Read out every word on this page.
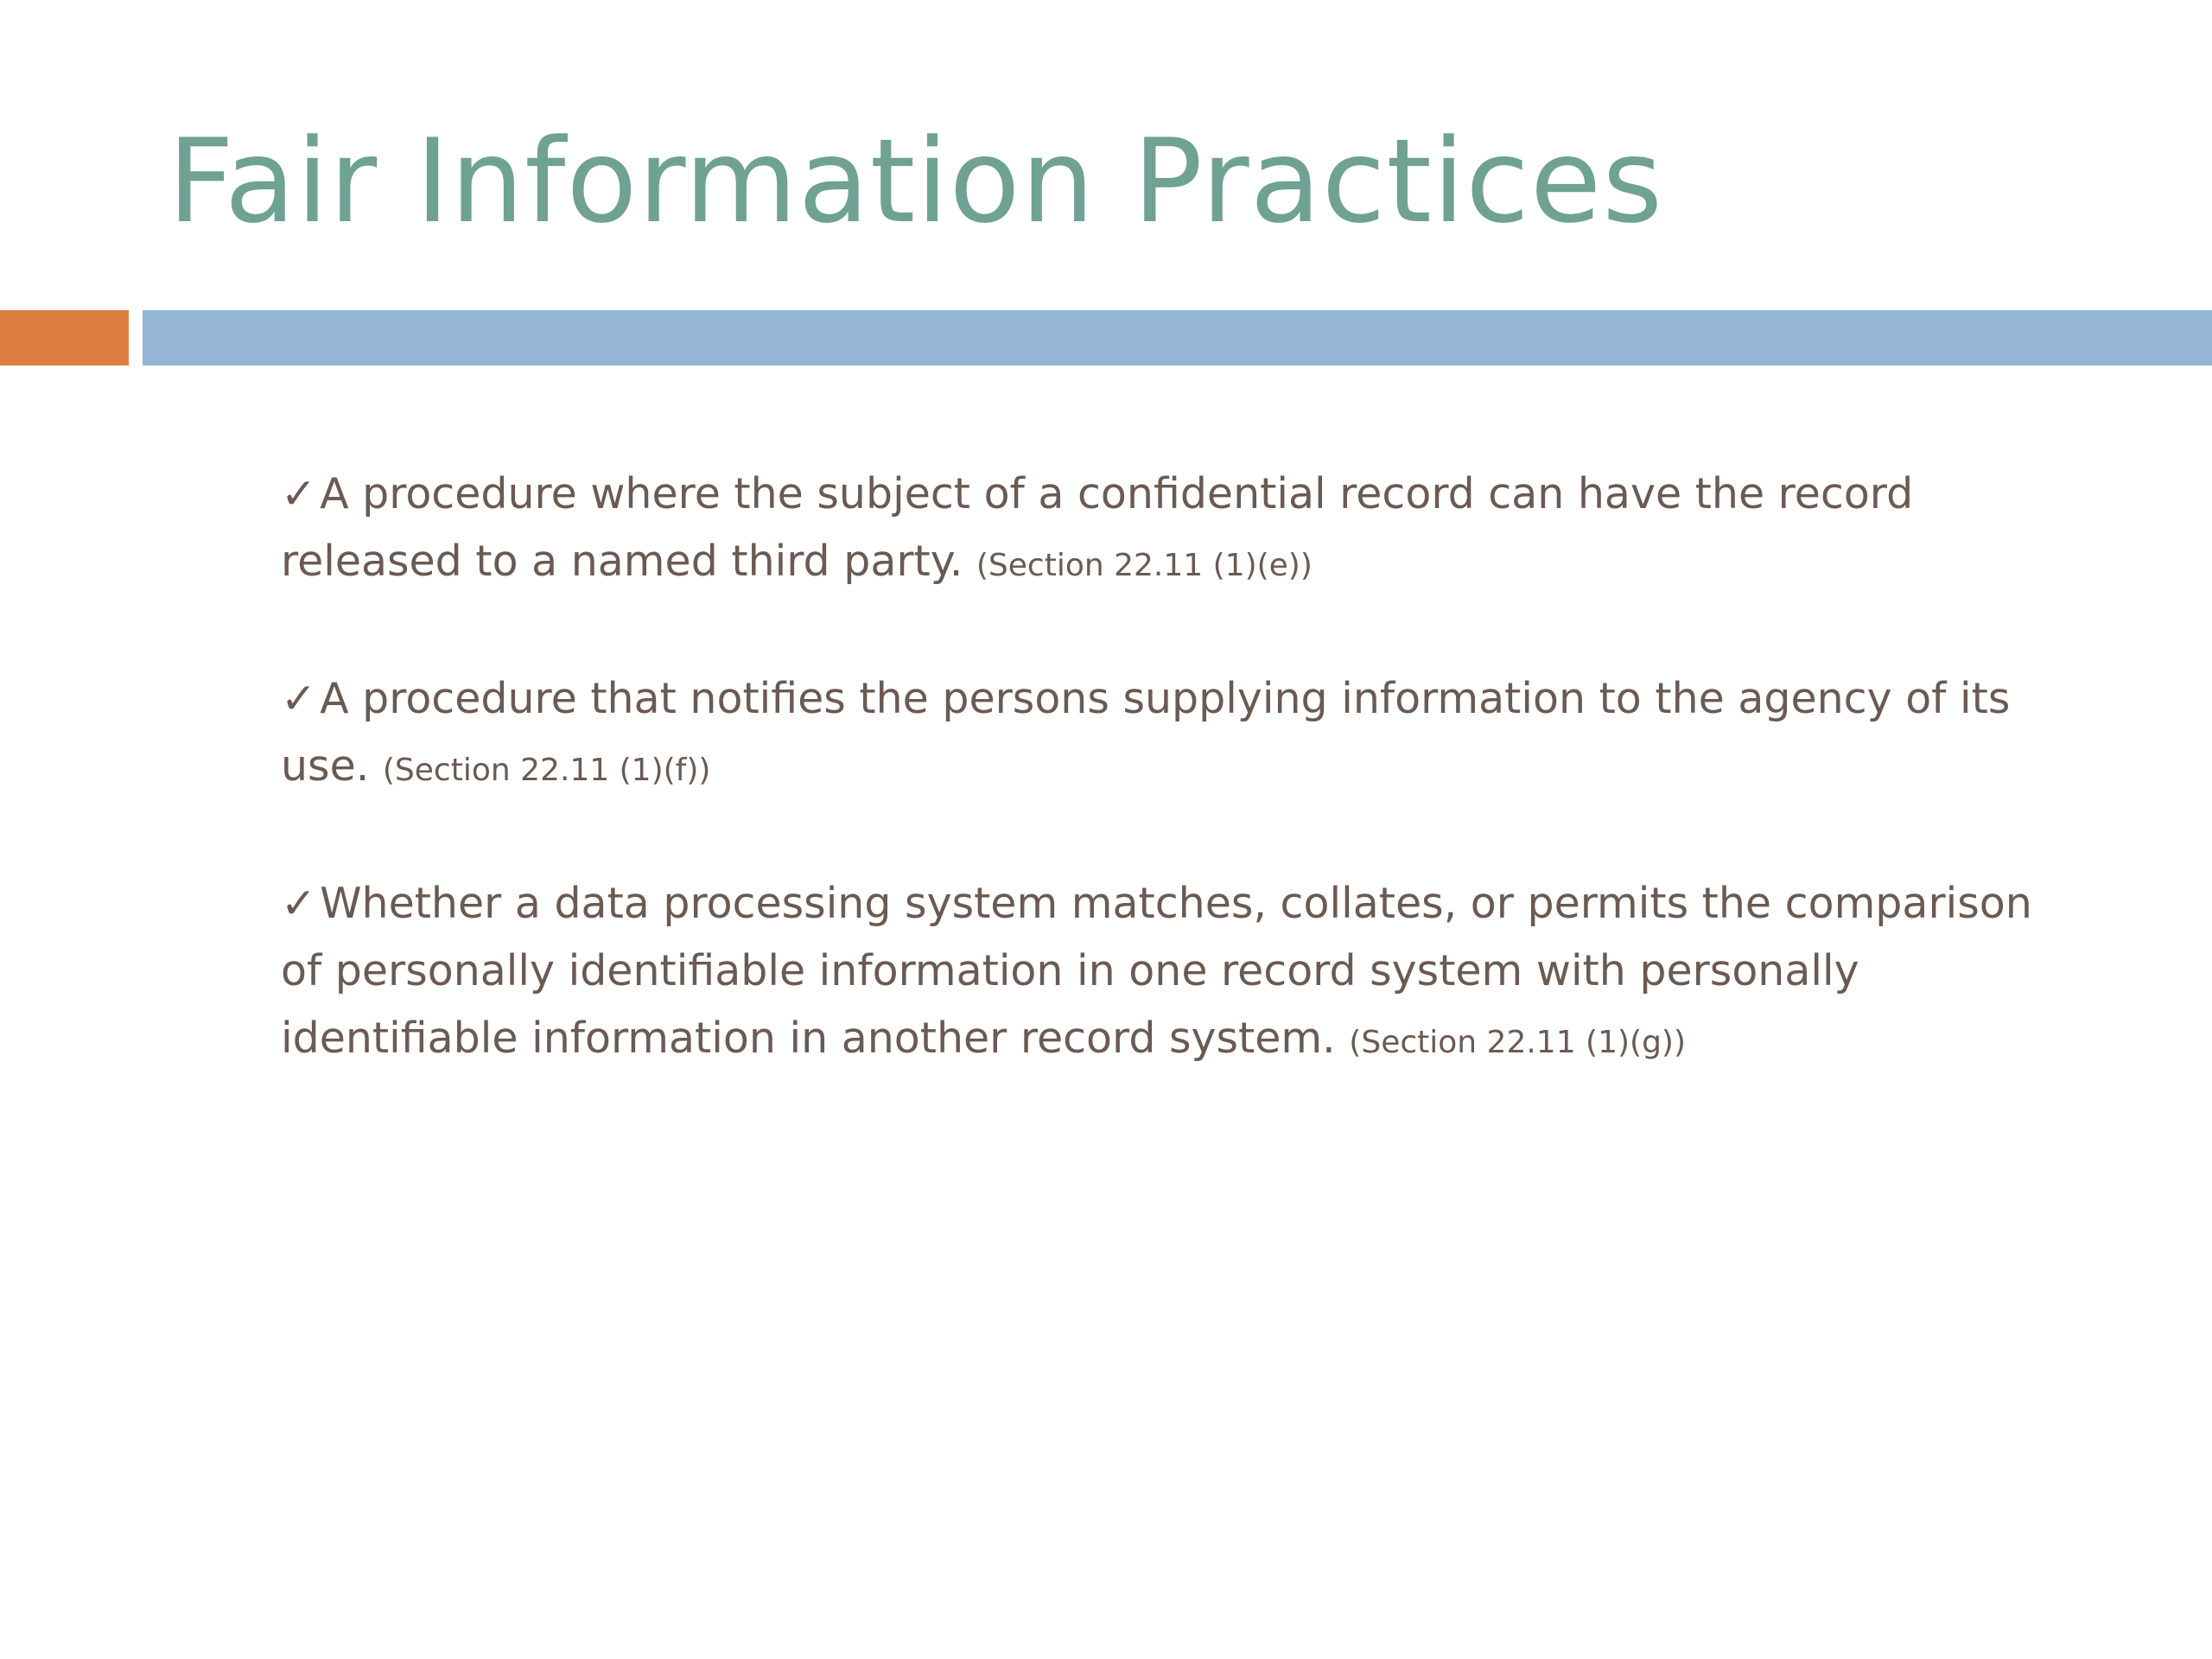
Fair Information Practices

✓A procedure where the subject of a confidential record can have the record released to a named third party. (Section 22.11 (1)(e))

✓A procedure that notifies the persons supplying information to the agency of its use. (Section 22.11 (1)(f))

✓Whether a data processing system matches, collates, or permits the comparison of personally identifiable information in one record system with personally identifiable information in another record system. (Section 22.11 (1)(g))
